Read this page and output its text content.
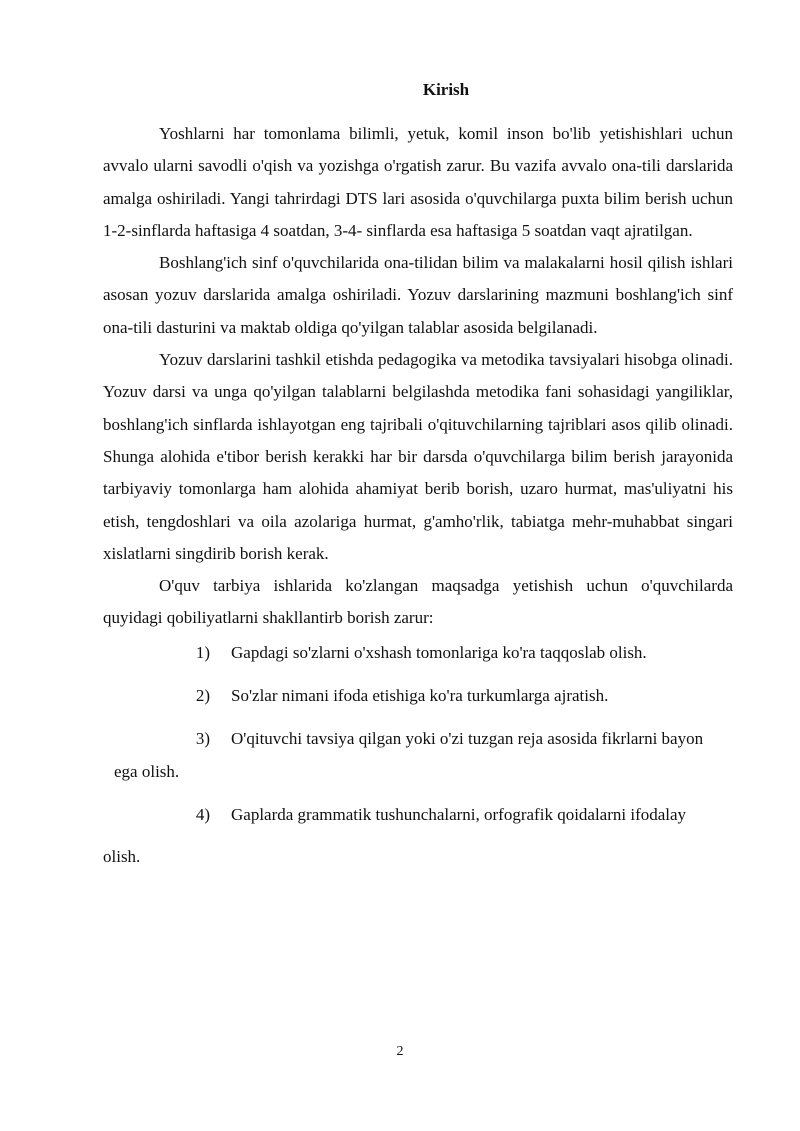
Kirish

Yoshlarni har tomonlama bilimli, yetuk, komil inson bo'lib yetishishlari uchun avvalo ularni savodli o'qish va yozishga o'rgatish zarur. Bu vazifa avvalo ona-tili darslarida amalga oshiriladi. Yangi tahrirdagi DTS lari asosida o'quvchilarga puxta bilim berish uchun 1-2-sinflarda haftasiga 4 soatdan, 3-4- sinflarda esa haftasiga 5 soatdan vaqt ajratilgan.

Boshlang'ich sinf o'quvchilarida ona-tilidan bilim va malakalarni hosil qilish ishlari asosan yozuv darslarida amalga oshiriladi. Yozuv darslarining mazmuni boshlang'ich sinf ona-tili dasturini va maktab oldiga qo'yilgan talablar asosida belgilanadi.

Yozuv darslarini tashkil etishda pedagogika va metodika tavsiyalari hisobga olinadi. Yozuv darsi va unga qo'yilgan talablarni belgilashda metodika fani sohasidagi yangiliklar, boshlang'ich sinflarda ishlayotgan eng tajribali o'qituvchilarning tajriblari asos qilib olinadi. Shunga alohida e'tibor berish kerakki har bir darsda o'quvchilarga bilim berish jarayonida tarbiyaviy tomonlarga ham alohida ahamiyat berib borish, uzaro hurmat, mas'uliyatni his etish, tengdoshlari va oila azolariga hurmat, g'amho'rlik, tabiatga mehr-muhabbat singari xislatlarni singdirib borish kerak.

O'quv tarbiya ishlarida ko'zlangan maqsadga yetishish uchun o'quvchilarda quyidagi qobiliyatlarni shakllantirb borish zarur:

1) Gapdagi so'zlarni o'xshash tomonlariga ko'ra taqqoslab olish.

2) So'zlar nimani ifoda etishiga ko'ra turkumlarga ajratish.

3) O'qituvchi tavsiya qilgan yoki o'zi tuzgan reja asosida fikrlarni bayon
ega olish.

4) Gaplarda grammatik tushunchalarni, orfografik qoidalarni ifodalay
olish.

2
